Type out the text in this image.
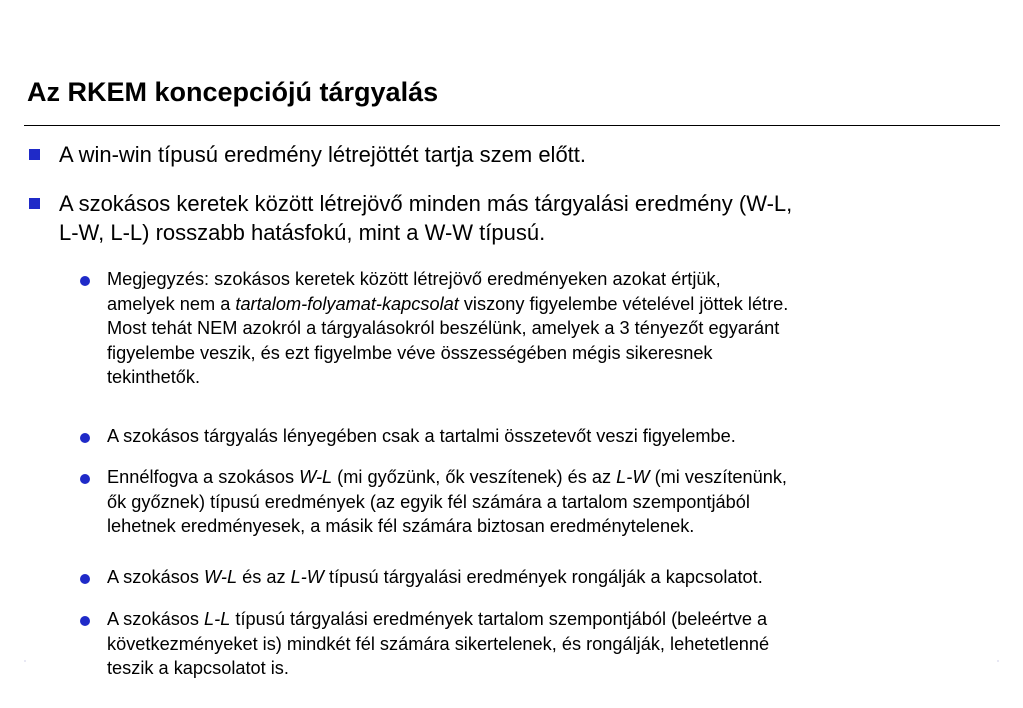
Az RKEM koncepciójú tárgyalás
A win-win típusú eredmény létrejöttét tartja szem előtt.
A szokásos keretek között létrejövő minden más tárgyalási eredmény (W-L,
L-W, L-L) rosszabb hatásfokú, mint a W-W típusú.
Megjegyzés: szokásos keretek között létrejövő eredményeken azokat értjük,
amelyek nem a tartalom-folyamat-kapcsolat viszony figyelembe vételével jöttek létre.
Most tehát NEM azokról a tárgyalásokról beszélünk, amelyek a 3 tényezőt egyaránt
figyelembe veszik, és ezt figyelmbe véve összességében mégis sikeresnek
tekinthetők.
A szokásos tárgyalás lényegében csak a tartalmi összetevőt veszi figyelembe.
Ennélfogva a szokásos W-L (mi győzünk, ők veszítenek) és az L-W (mi veszítenünk,
ők győznek) típusú eredmények (az egyik fél számára a tartalom szempontjából
lehetnek eredményesek, a másik fél számára biztosan eredménytelenek.
A szokásos W-L és az L-W típusú tárgyalási eredmények rongálják a kapcsolatot.
A szokásos L-L típusú tárgyalási eredmények tartalom szempontjából (beleértve a
következményeket is) mindkét fél számára sikertelenek, és rongálják, lehetetlenné
teszik a kapcsolatot is.
